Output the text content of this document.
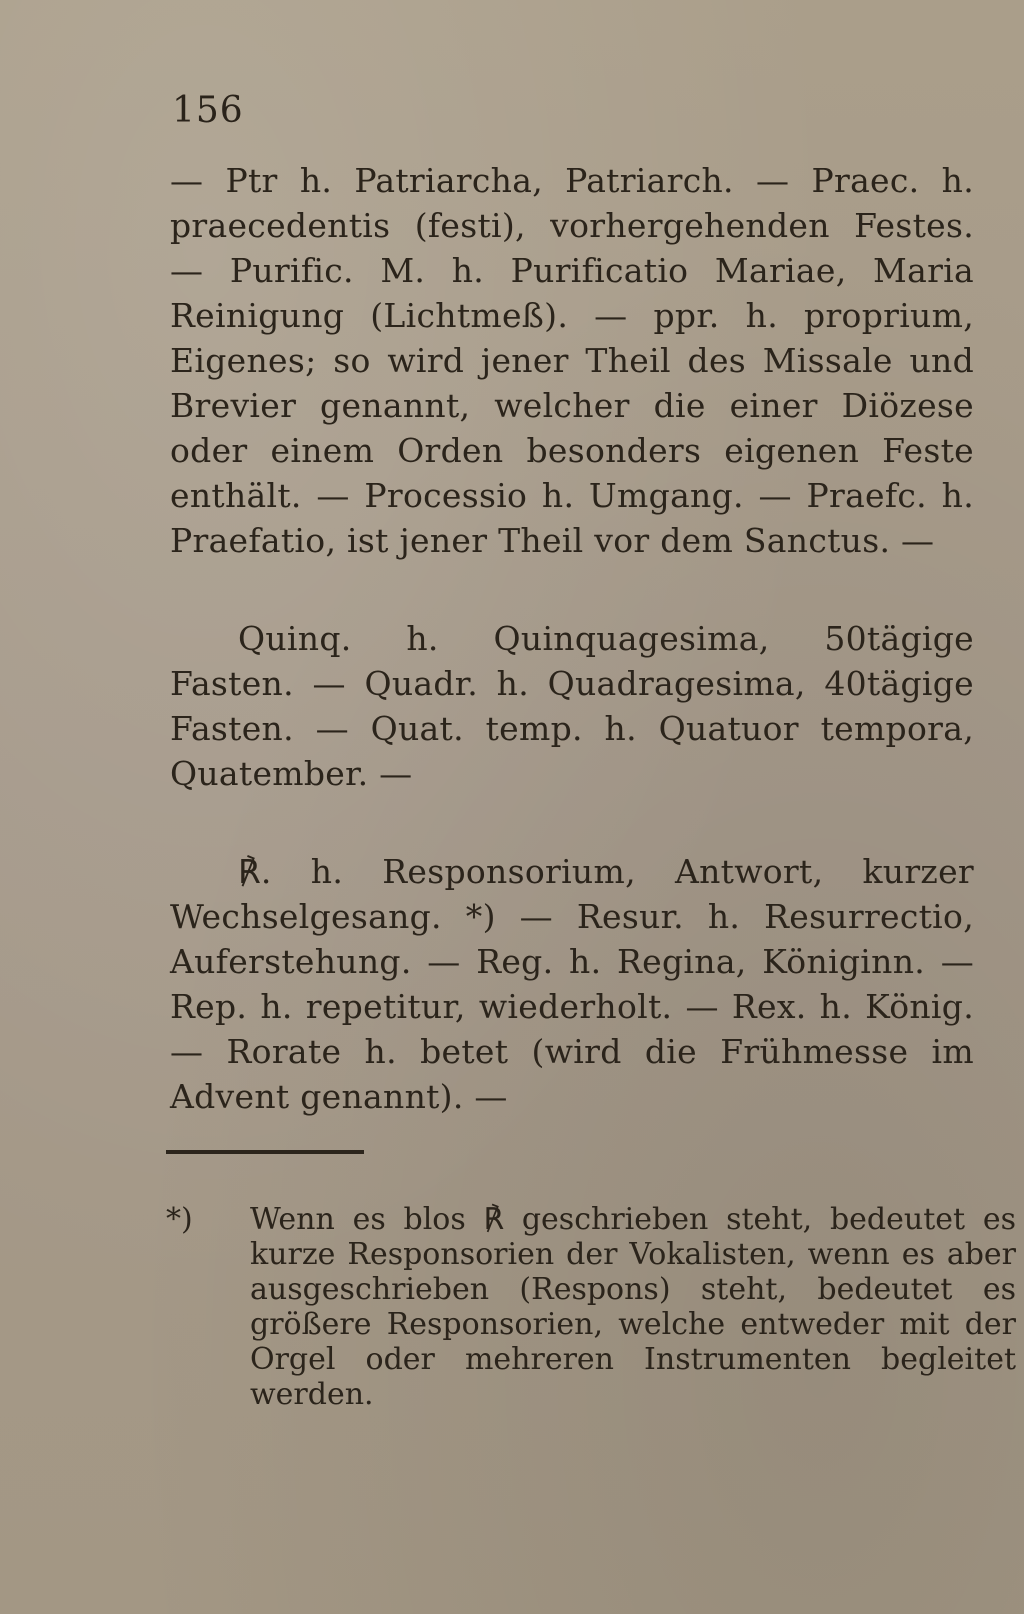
156

— Ptr h. Patriarcha, Patriarch. — Praec. h. praecedentis (festi), vorhergehenden Festes. — Purific. M. h. Purificatio Mariae, Maria Reinigung (Lichtmeß). — ppr. h. proprium, Eigenes; so wird jener Theil des Missale und Brevier genannt, welcher die einer Diözese oder einem Orden besonders eigenen Feste enthält. — Processio h. Umgang. — Praefc. h. Praefatio, ist jener Theil vor dem Sanctus. —

Quinq. h. Quinquagesima, 50tägige Fasten. — Quadr. h. Quadragesima, 40tägige Fasten. — Quat. temp. h. Quatuor tempora, Quatember. —

℟. h. Responsorium, Antwort, kurzer Wechselgesang. *) — Resur. h. Resurrectio, Auferstehung. — Reg. h. Regina, Königinn. — Rep. h. repetitur, wiederholt. — Rex. h. König. — Rorate h. betet (wird die Frühmesse im Advent genannt). —

*) Wenn es blos ℟ geschrieben steht, bedeutet es kurze Responsorien der Vokalisten, wenn es aber ausgeschrieben (Respons) steht, bedeutet es größere Responsorien, welche entweder mit der Orgel oder mehreren Instrumenten begleitet werden.
